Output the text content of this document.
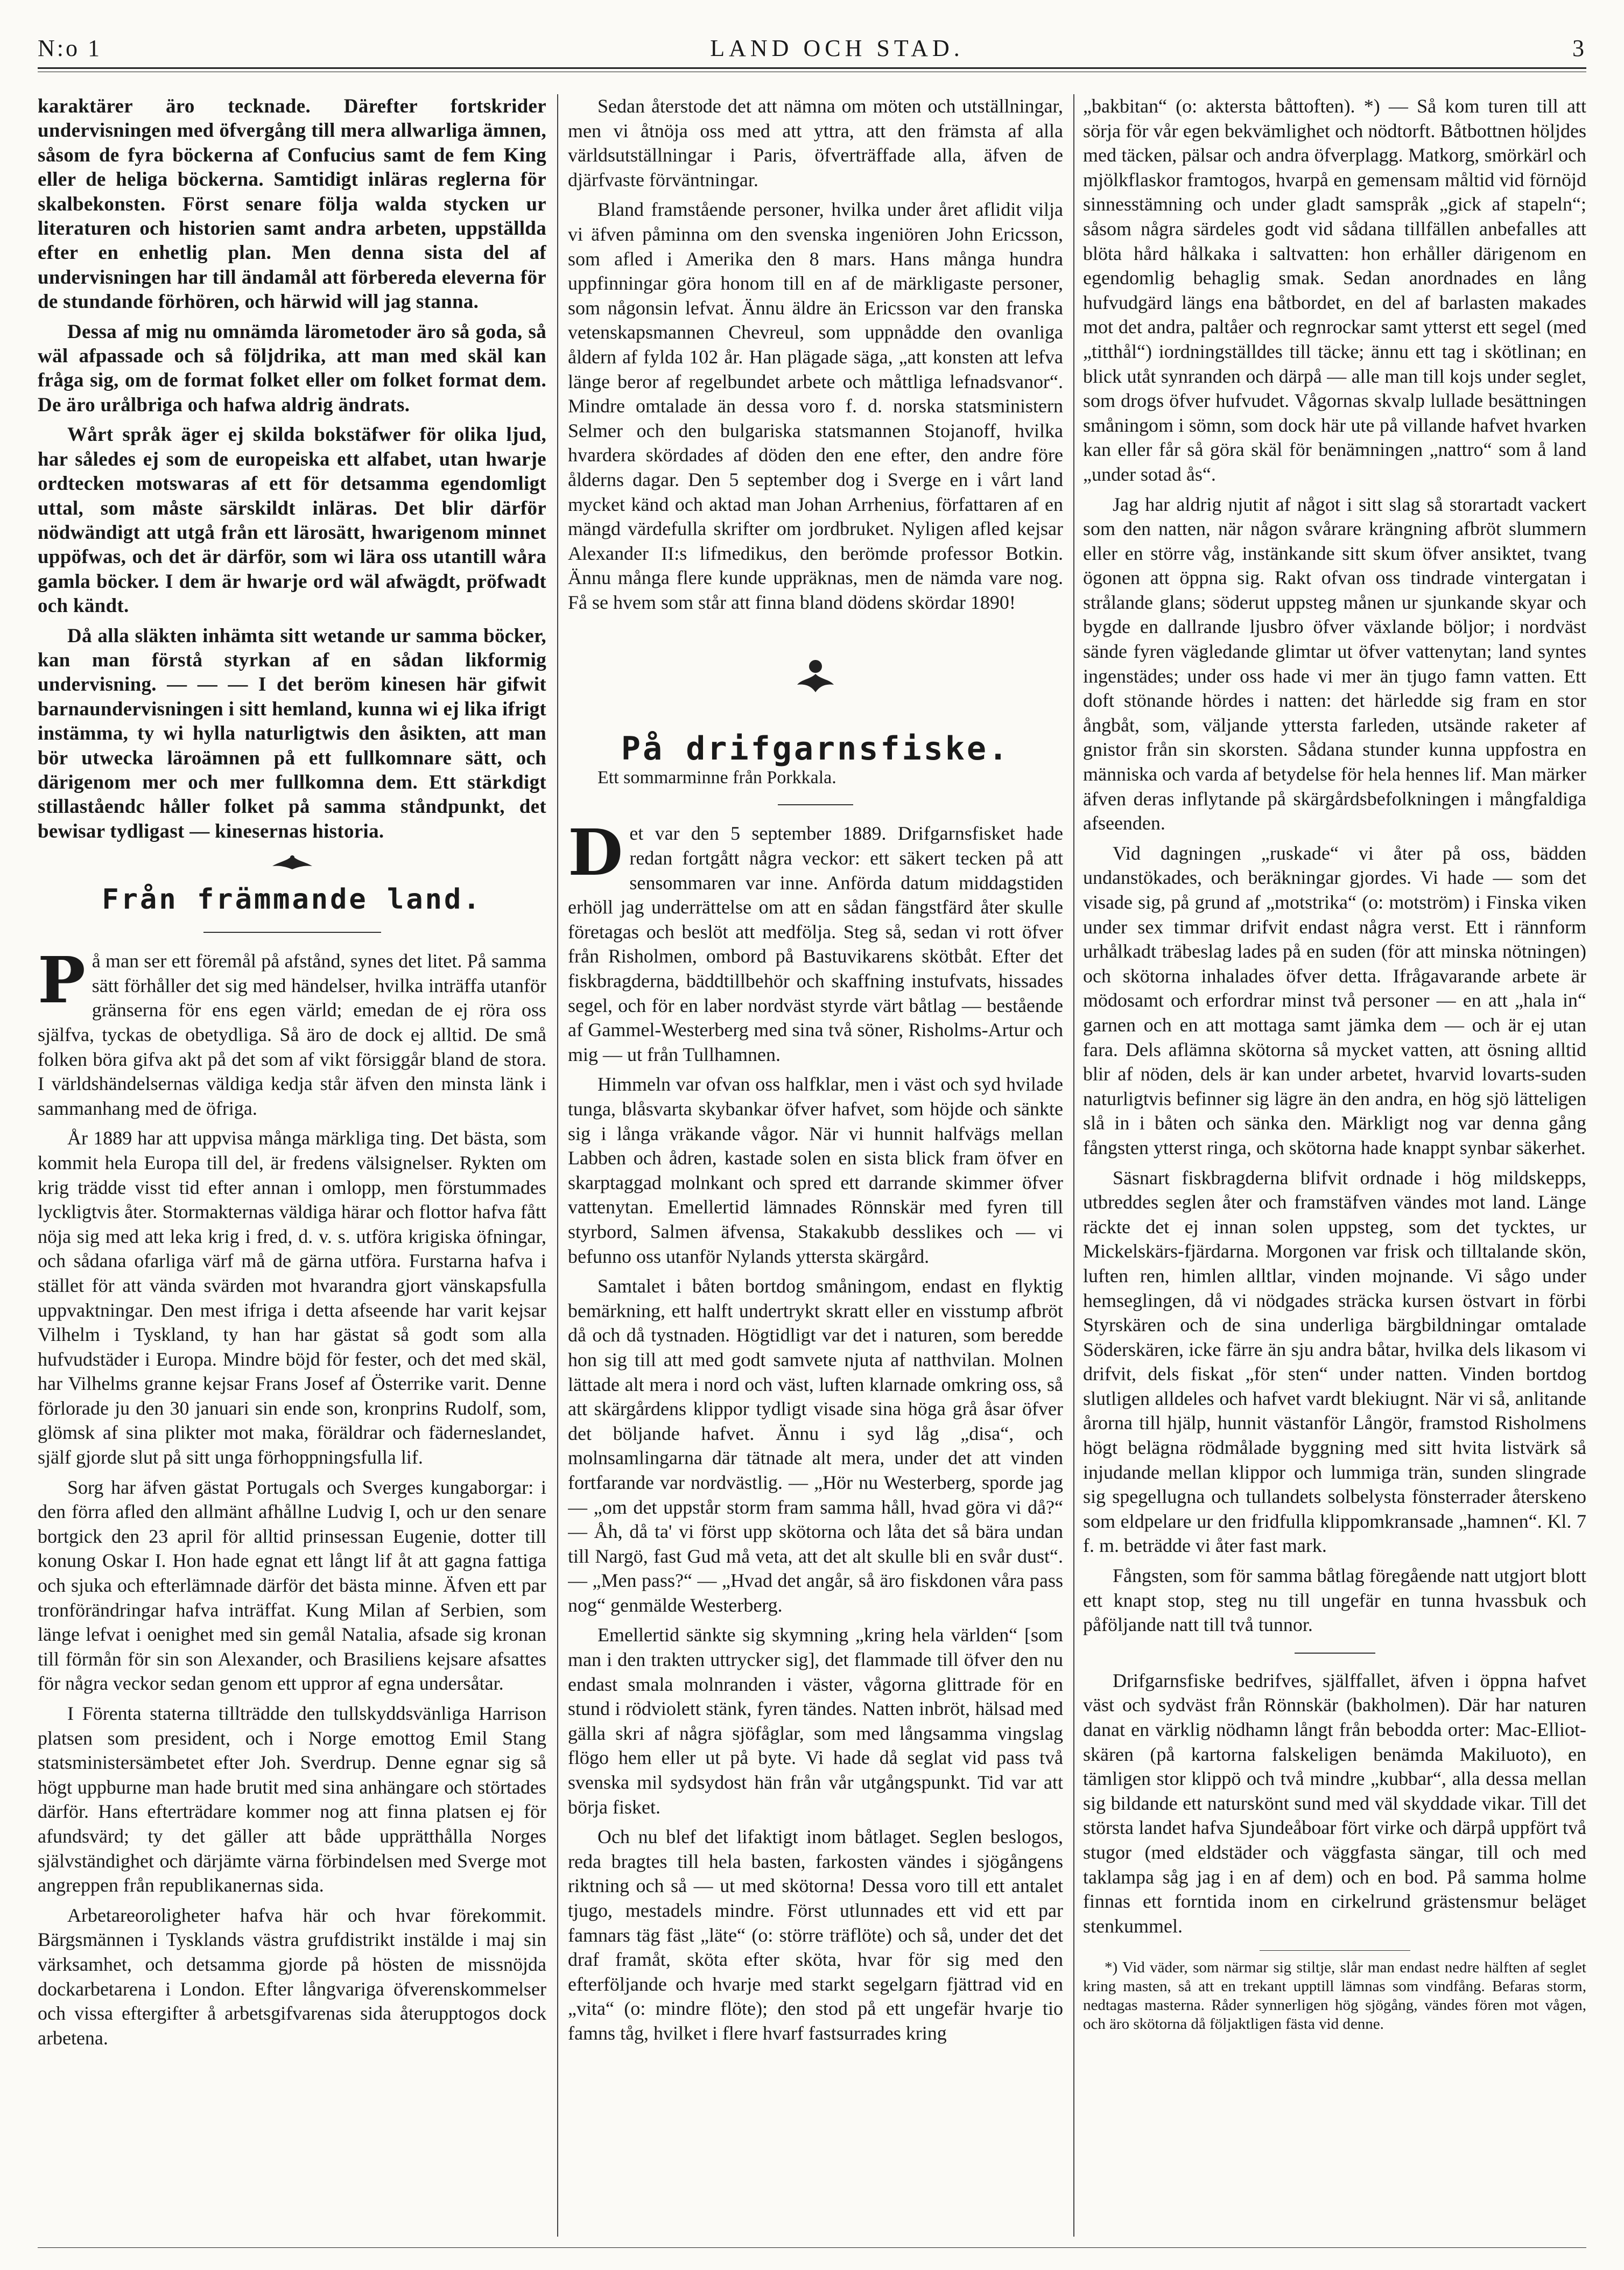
N:o 1	LAND OCH STAD.	3

karaktärer äro tecknade. Därefter fortskrider undervisningen med öfvergång till mera allwarliga ämnen, såsom de fyra böckerna af Confucius samt de fem King eller de heliga böckerna. Samtidigt inläras reglerna för skalbekonsten. Först senare följa walda stycken ur literaturen och historien samt andra arbeten, uppställda efter en enhetlig plan. Men denna sista del af undervisningen har till ändamål att förbereda eleverna för de stundande förhören, och härwid will jag stanna.

Dessa af mig nu omnämda lärometoder äro så goda, så wäl afpassade och så följdrika, att man med skäl kan fråga sig, om de format folket eller om folket format dem. De äro urålbriga och hafwa aldrig ändrats.

Wårt språk äger ej skilda bokstäfwer för olika ljud, har således ej som de europeiska ett alfabet, utan hwarje ordtecken motswaras af ett för detsamma egendomligt uttal, som måste särskildt inläras. Det blir därför nödwändigt att utgå från ett lärosätt, hwarigenom minnet uppöfwas, och det är därför, som wi lära oss utantill wåra gamla böcker. I dem är hwarje ord wäl afwägdt, pröfwadt och kändt.

Då alla släkten inhämta sitt wetande ur samma böcker, kan man förstå styrkan af en sådan likformig undervisning. — — — I det beröm kinesen här gifwit barnaundervisningen i sitt hemland, kunna wi ej lika ifrigt instämma, ty wi hylla naturligtwis den åsikten, att man bör utwecka läroämnen på ett fullkomnare sätt, och därigenom mer och mer fullkomna dem. Ett stärkdigt stillaståendc håller folket på samma ståndpunkt, det bewisar tydligast — kinesernas historia.

Från främmande land.

På man ser ett föremål på afstånd, synes det litet. På samma sätt förhåller det sig med händelser, hvilka inträffa utanför gränserna för ens egen värld; emedan de ej röra oss själfva, tyckas de obetydliga. Så äro de dock ej alltid. De små folken böra gifva akt på det som af vikt försiggår bland de stora. I världshändelsernas väldiga kedja står äfven den minsta länk i sammanhang med de öfriga.

År 1889 har att uppvisa många märkliga ting. Det bästa, som kommit hela Europa till del, är fredens välsignelser. Rykten om krig trädde visst tid efter annan i omlopp, men förstummades lyckligtvis åter. Stormakternas väldiga härar och flottor hafva fått nöja sig med att leka krig i fred, d. v. s. utföra krigiska öfningar, och sådana ofarliga värf må de gärna utföra. Furstarna hafva i stället för att vända svärden mot hvarandra gjort vänskapsfulla uppvaktningar. Den mest ifriga i detta afseende har varit kejsar Vilhelm i Tyskland, ty han har gästat så godt som alla hufvudstäder i Europa. Mindre böjd för fester, och det med skäl, har Vilhelms granne kejsar Frans Josef af Österrike varit. Denne förlorade ju den 30 januari sin ende son, kronprins Rudolf, som, glömsk af sina plikter mot maka, föräldrar och fäderneslandet, själf gjorde slut på sitt unga förhoppningsfulla lif.

Sorg har äfven gästat Portugals och Sverges kungaborgar: i den förra afled den allmänt afhållne Ludvig I, och ur den senare bortgick den 23 april för alltid prinsessan Eugenie, dotter till konung Oskar I. Hon hade egnat ett långt lif åt att gagna fattiga och sjuka och efterlämnade därför det bästa minne. Äfven ett par tronförändringar hafva inträffat. Kung Milan af Serbien, som länge lefvat i oenighet med sin gemål Natalia, afsade sig kronan till förmån för sin son Alexander, och Brasiliens kejsare afsattes för några veckor sedan genom ett uppror af egna undersåtar.

I Förenta staterna tillträdde den tullskyddsvänliga Harrison platsen som president, och i Norge emottog Emil Stang statsministersämbetet efter Joh. Sverdrup. Denne egnar sig så högt uppburne man hade brutit med sina anhängare och störtades därför. Hans efterträdare kommer nog att finna platsen ej för afundsvärd; ty det gäller att både upprätthålla Norges självständighet och därjämte värna förbindelsen med Sverge mot angreppen från republikanernas sida.

Arbetareoroligheter hafva här och hvar förekommit. Bärgsmännen i Tysklands västra grufdistrikt instälde i maj sin värksamhet, och detsamma gjorde på hösten de missnöjda dockarbetarena i London. Efter långvariga öfverenskommelser och vissa eftergifter å arbetsgifvarenas sida återupptogos dock arbetena.

Sedan återstode det att nämna om möten och utställningar, men vi åtnöja oss med att yttra, att den främsta af alla världsutställningar i Paris, öfverträffade alla, äfven de djärfvaste förväntningar.

Bland framstående personer, hvilka under året aflidit vilja vi äfven påminna om den svenska ingeniören John Ericsson, som afled i Amerika den 8 mars. Hans många hundra uppfinningar göra honom till en af de märkligaste personer, som någonsin lefvat. Ännu äldre än Ericsson var den franska vetenskapsmannen Chevreul, som uppnådde den ovanliga åldern af fylda 102 år. Han plägade säga, „att konsten att lefva länge beror af regelbundet arbete och måttliga lefnadsvanor“. Mindre omtalade än dessa voro f. d. norska statsministern Selmer och den bulgariska statsmannen Stojanoff, hvilka hvardera skördades af döden den ene efter, den andre före ålderns dagar. Den 5 september dog i Sverge en i vårt land mycket känd och aktad man Johan Arrhenius, författaren af en mängd värdefulla skrifter om jordbruket. Nyligen afled kejsar Alexander II:s lifmedikus, den berömde professor Botkin. Ännu många flere kunde uppräknas, men de nämda vare nog. Få se hvem som står att finna bland dödens skördar 1890!

På drifgarnsfiske.

Ett sommarminne från Porkkala.

Det var den 5 september 1889. Drifgarnsfisket hade redan fortgått några veckor: ett säkert tecken på att sensommaren var inne. Anförda datum middagstiden erhöll jag underrättelse om att en sådan fängstfärd åter skulle företagas och beslöt att medfölja. Steg så, sedan vi rott öfver från Risholmen, ombord på Bastuvikarens skötbåt. Efter det fiskbragderna, bäddtillbehör och skaffning instufvats, hissades segel, och för en laber nordväst styrde värt båtlag — bestående af Gammel-Westerberg med sina två söner, Risholms-Artur och mig — ut från Tullhamnen.

Himmeln var ofvan oss halfklar, men i väst och syd hvilade tunga, blåsvarta skybankar öfver hafvet, som höjde och sänkte sig i långa vräkande vågor. När vi hunnit halfvägs mellan Labben och ådren, kastade solen en sista blick fram öfver en skarptaggad molnkant och spred ett darrande skimmer öfver vattenytan. Emellertid lämnades Rönnskär med fyren till styrbord, Salmen äfvensa, Stakakubb desslikes och — vi befunno oss utanför Nylands yttersta skärgård.

Samtalet i båten bortdog småningom, endast en flyktig bemärkning, ett halft undertrykt skratt eller en visstump afbröt då och då tystnaden. Högtidligt var det i naturen, som beredde hon sig till att med godt samvete njuta af natthvilan. Molnen lättade alt mera i nord och väst, luften klarnade omkring oss, så att skärgårdens klippor tydligt visade sina höga grå åsar öfver det böljande hafvet. Ännu i syd låg „disa“, och molnsamlingarna där tätnade alt mera, under det att vinden fortfarande var nordvästlig. — „Hör nu Westerberg, sporde jag — „om det uppstår storm fram samma håll, hvad göra vi då?“ — Åh, då ta' vi först upp skötorna och låta det så bära undan till Nargö, fast Gud må veta, att det alt skulle bli en svår dust“. — „Men pass?“ — „Hvad det angår, så äro fiskdonen våra pass nog“ genmälde Westerberg.

Emellertid sänkte sig skymning „kring hela världen“ [som man i den trakten uttrycker sig], det flammade till öfver den nu endast smala molnranden i väster, vågorna glittrade för en stund i rödviolett stänk, fyren tändes. Natten inbröt, hälsad med gälla skri af några sjöfåglar, som med långsamma vingslag flögo hem eller ut på byte. Vi hade då seglat vid pass två svenska mil sydsydost hän från vår utgångspunkt. Tid var att börja fisket.

Och nu blef det lifaktigt inom båtlaget. Seglen beslogos, reda bragtes till hela basten, farkosten vändes i sjögångens riktning och så — ut med skötorna! Dessa voro till ett antalet tjugo, mestadels mindre. Först utlunnades ett vid ett par famnars täg fäst „läte“ (o: större träflöte) och så, under det det draf framåt, sköta efter sköta, hvar för sig med den efterföljande och hvarje med starkt segelgarn fjättrad vid en „vita“ (o: mindre flöte); den stod på ett ungefär hvarje tio famns tåg, hvilket i flere hvarf fastsurrades kring

„bakbitan“ (o: aktersta båttoften). *) — Så kom turen till att sörja för vår egen bekvämlighet och nödtorft. Båtbottnen höljdes med täcken, pälsar och andra öfverplagg. Matkorg, smörkärl och mjölkflaskor framtogos, hvarpå en gemensam måltid vid förnöjd sinnesstämning och under gladt samspråk „gick af stapeln“; såsom några särdeles godt vid sådana tillfällen anbefalles att blöta hård hålkaka i saltvatten: hon erhåller därigenom en egendomlig behaglig smak. Sedan anordnades en lång hufvudgärd längs ena båtbordet, en del af barlasten makades mot det andra, paltåer och regnrockar samt ytterst ett segel (med „titthål“) iordningställdes till täcke; ännu ett tag i skötlinan; en blick utåt synranden och därpå — alle man till kojs under seglet, som drogs öfver hufvudet. Vågornas skvalp lullade besättningen småningom i sömn, som dock här ute på villande hafvet hvarken kan eller får så göra skäl för benämningen „nattro“ som å land „under sotad ås“.

Jag har aldrig njutit af något i sitt slag så storartadt vackert som den natten, när någon svårare krängning afbröt slummern eller en större våg, instänkande sitt skum öfver ansiktet, tvang ögonen att öppna sig. Rakt ofvan oss tindrade vintergatan i strålande glans; söderut uppsteg månen ur sjunkande skyar och bygde en dallrande ljusbro öfver växlande böljor; i nordväst sände fyren vägledande glimtar ut öfver vattenytan; land syntes ingenstädes; under oss hade vi mer än tjugo famn vatten. Ett doft stönande hördes i natten: det härledde sig fram en stor ångbåt, som, väljande yttersta farleden, utsände raketer af gnistor från sin skorsten. Sådana stunder kunna uppfostra en människa och varda af betydelse för hela hennes lif. Man märker äfven deras inflytande på skärgårdsbefolkningen i mångfaldiga afseenden.

Vid dagningen „ruskade“ vi åter på oss, bädden undanstökades, och beräkningar gjordes. Vi hade — som det visade sig, på grund af „motstrika“ (o: motström) i Finska viken under sex timmar drifvit endast några verst. Ett i rännform urhålkadt träbeslag lades på en suden (för att minska nötningen) och skötorna inhalades öfver detta. Ifrågavarande arbete är mödosamt och erfordrar minst två personer — en att „hala in“ garnen och en att mottaga samt jämka dem — och är ej utan fara. Dels aflämna skötorna så mycket vatten, att ösning alltid blir af nöden, dels är kan under arbetet, hvarvid lovarts-suden naturligtvis befinner sig lägre än den andra, en hög sjö lätteligen slå in i båten och sänka den. Märkligt nog var denna gång fångsten ytterst ringa, och skötorna hade knappt synbar säkerhet.

Säsnart fiskbragderna blifvit ordnade i hög mildskepps, utbreddes seglen åter och framstäfven vändes mot land. Länge räckte det ej innan solen uppsteg, som det tycktes, ur Mickelskärs-fjärdarna. Morgonen var frisk och tilltalande skön, luften ren, himlen alltlar, vinden mojnande. Vi sågo under hemseglingen, då vi nödgades sträcka kursen östvart in förbi Styrskären och de sina underliga bärgbildningar omtalade Söderskären, icke färre än sju andra båtar, hvilka dels likasom vi drifvit, dels fiskat „för sten“ under natten. Vinden bortdog slutligen alldeles och hafvet vardt blekiugnt. När vi så, anlitande årorna till hjälp, hunnit västanför Långör, framstod Risholmens högt belägna rödmålade byggning med sitt hvita listvärk så injudande mellan klippor och lummiga trän, sunden slingrade sig spegellugna och tullandets solbelysta fönsterrader återskeno som eldpelare ur den fridfulla klippomkransade „hamnen“. Kl. 7 f. m. beträdde vi åter fast mark.

Fångsten, som för samma båtlag föregående natt utgjort blott ett knapt stop, steg nu till ungefär en tunna hvassbuk och påföljande natt till två tunnor.

Drifgarnsfiske bedrifves, själffallet, äfven i öppna hafvet väst och sydväst från Rönnskär (bakholmen). Där har naturen danat en värklig nödhamn långt från bebodda orter: Mac-Elliot-skären (på kartorna falskeligen benämda Makiluoto), en tämligen stor klippö och två mindre „kubbar“, alla dessa mellan sig bildande ett naturskönt sund med väl skyddade vikar. Till det största landet hafva Sjundeåboar fört virke och därpå uppfört två stugor (med eldstäder och väggfasta sängar, till och med taklampa såg jag i en af dem) och en bod. På samma holme finnas ett forntida inom en cirkelrund grästensmur beläget stenkummel.

*) Vid väder, som närmar sig stiltje, slår man endast nedre hälften af seglet kring masten, så att en trekant upptill lämnas som vindfång. Befaras storm, nedtagas masterna. Råder synnerligen hög sjögång, vändes fören mot vågen, och äro skötorna då följaktligen fästa vid denne.
